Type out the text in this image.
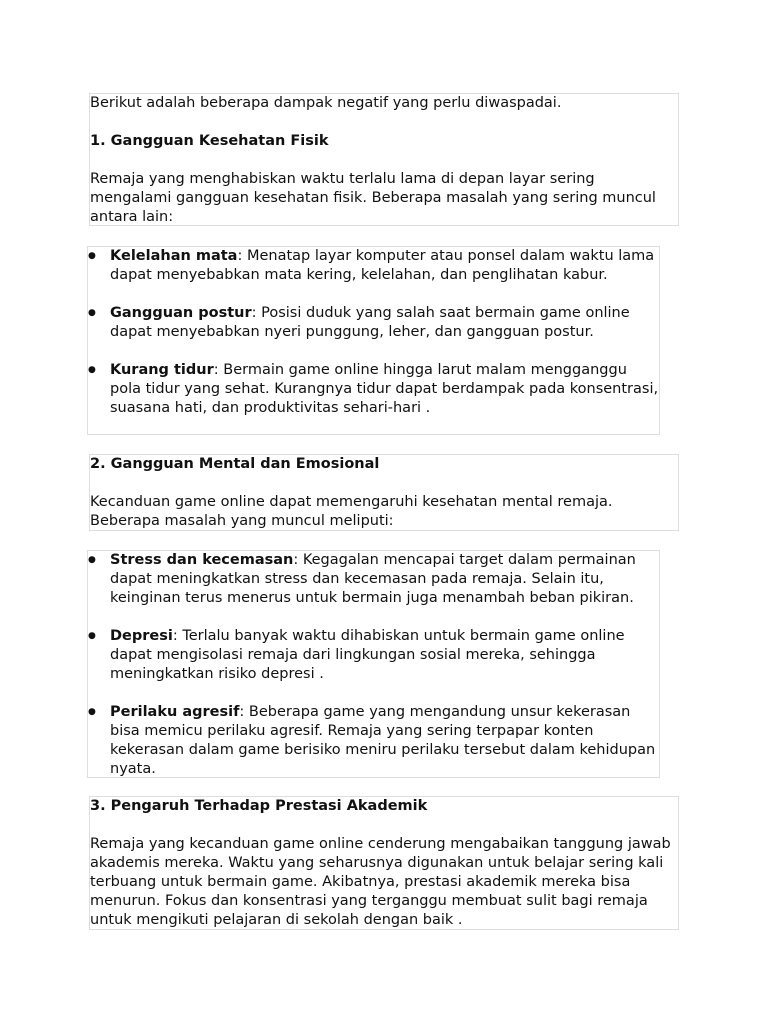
Berikut adalah beberapa dampak negatif yang perlu diwaspadai.

1. Gangguan Kesehatan Fisik

Remaja yang menghabiskan waktu terlalu lama di depan layar sering mengalami gangguan kesehatan fisik. Beberapa masalah yang sering muncul antara lain:

● Kelelahan mata: Menatap layar komputer atau ponsel dalam waktu lama dapat menyebabkan mata kering, kelelahan, dan penglihatan kabur.
● Gangguan postur: Posisi duduk yang salah saat bermain game online dapat menyebabkan nyeri punggung, leher, dan gangguan postur.
● Kurang tidur: Bermain game online hingga larut malam mengganggu pola tidur yang sehat. Kurangnya tidur dapat berdampak pada konsentrasi, suasana hati, dan produktivitas sehari-hari .

2. Gangguan Mental dan Emosional

Kecanduan game online dapat memengaruhi kesehatan mental remaja. Beberapa masalah yang muncul meliputi:

● Stress dan kecemasan: Kegagalan mencapai target dalam permainan dapat meningkatkan stress dan kecemasan pada remaja. Selain itu, keinginan terus menerus untuk bermain juga menambah beban pikiran.
● Depresi: Terlalu banyak waktu dihabiskan untuk bermain game online dapat mengisolasi remaja dari lingkungan sosial mereka, sehingga meningkatkan risiko depresi .
● Perilaku agresif: Beberapa game yang mengandung unsur kekerasan bisa memicu perilaku agresif. Remaja yang sering terpapar konten kekerasan dalam game berisiko meniru perilaku tersebut dalam kehidupan nyata.

3. Pengaruh Terhadap Prestasi Akademik

Remaja yang kecanduan game online cenderung mengabaikan tanggung jawab akademis mereka. Waktu yang seharusnya digunakan untuk belajar sering kali terbuang untuk bermain game. Akibatnya, prestasi akademik mereka bisa menurun. Fokus dan konsentrasi yang terganggu membuat sulit bagi remaja untuk mengikuti pelajaran di sekolah dengan baik .
